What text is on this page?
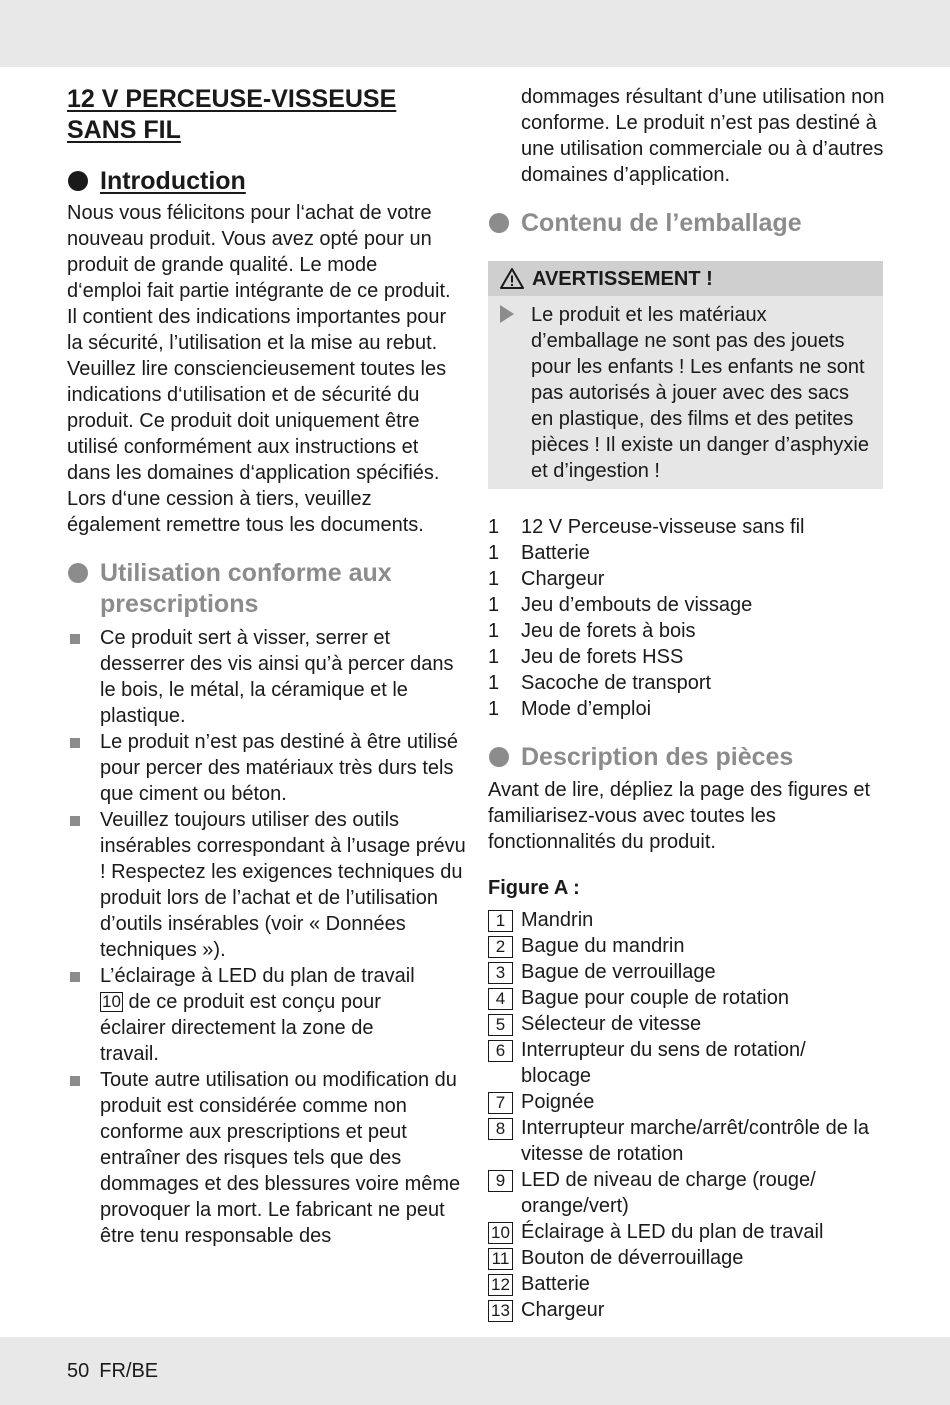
12 V PERCEUSE-VISSEUSE SANS FIL
Introduction

Nous vous félicitons pour l‘achat de votre nouveau produit. Vous avez opté pour un produit de grande qualité. Le mode d‘emploi fait partie intégrante de ce produit. Il contient des indications importantes pour la sécurité, l’utilisation et la mise au rebut. Veuillez lire consciencieusement toutes les indications d‘utilisation et de sécurité du produit. Ce produit doit uniquement être utilisé conformément aux instructions et dans les domaines d‘application spécifiés. Lors d‘une cession à tiers, veuillez également remettre tous les documents.

Utilisation conforme aux prescriptions
Ce produit sert à visser, serrer et desserrer des vis ainsi qu’à percer dans le bois, le métal, la céramique et le plastique.
Le produit n’est pas destiné à être utilisé pour percer des matériaux très durs tels que ciment ou béton.
Veuillez toujours utiliser des outils insérables correspondant à l’usage prévu ! Respectez les exigences techniques du produit lors de l’achat et de l’utilisation d’outils insérables (voir « Données techniques »).
L’éclairage à LED du plan de travail 10 de ce produit est conçu pour éclairer directement la zone de travail.
Toute autre utilisation ou modification du produit est considérée comme non conforme aux prescriptions et peut entraîner des risques tels que des dommages et des blessures voire même provoquer la mort. Le fabricant ne peut être tenu responsable des

dommages résultant d’une utilisation non conforme. Le produit n’est pas destiné à une utilisation commerciale ou à d’autres domaines d’application.

Contenu de l’emballage
AVERTISSEMENT !
Le produit et les matériaux d’emballage ne sont pas des jouets pour les enfants ! Les enfants ne sont pas autorisés à jouer avec des sacs en plastique, des films et des petites pièces ! Il existe un danger d’asphyxie et d’ingestion !
1	12 V Perceuse-visseuse sans fil
1	Batterie
1	Chargeur
1	Jeu d’embouts de vissage
1	Jeu de forets à bois
1	Jeu de forets HSS
1	Sacoche de transport
1	Mode d’emploi
Description des pièces

Avant de lire, dépliez la page des figures et familiarisez-vous avec toutes les fonctionnalités du produit.

Figure A :
1 Mandrin
2 Bague du mandrin
3 Bague de verrouillage
4 Bague pour couple de rotation
5 Sélecteur de vitesse
6 Interrupteur du sens de rotation/ blocage
7 Poignée
8 Interrupteur marche/arrêt/contrôle de la vitesse de rotation
9 LED de niveau de charge (rouge/ orange/vert)
10 Éclairage à LED du plan de travail
11 Bouton de déverrouillage
12 Batterie
13 Chargeur
50 FR/BE
